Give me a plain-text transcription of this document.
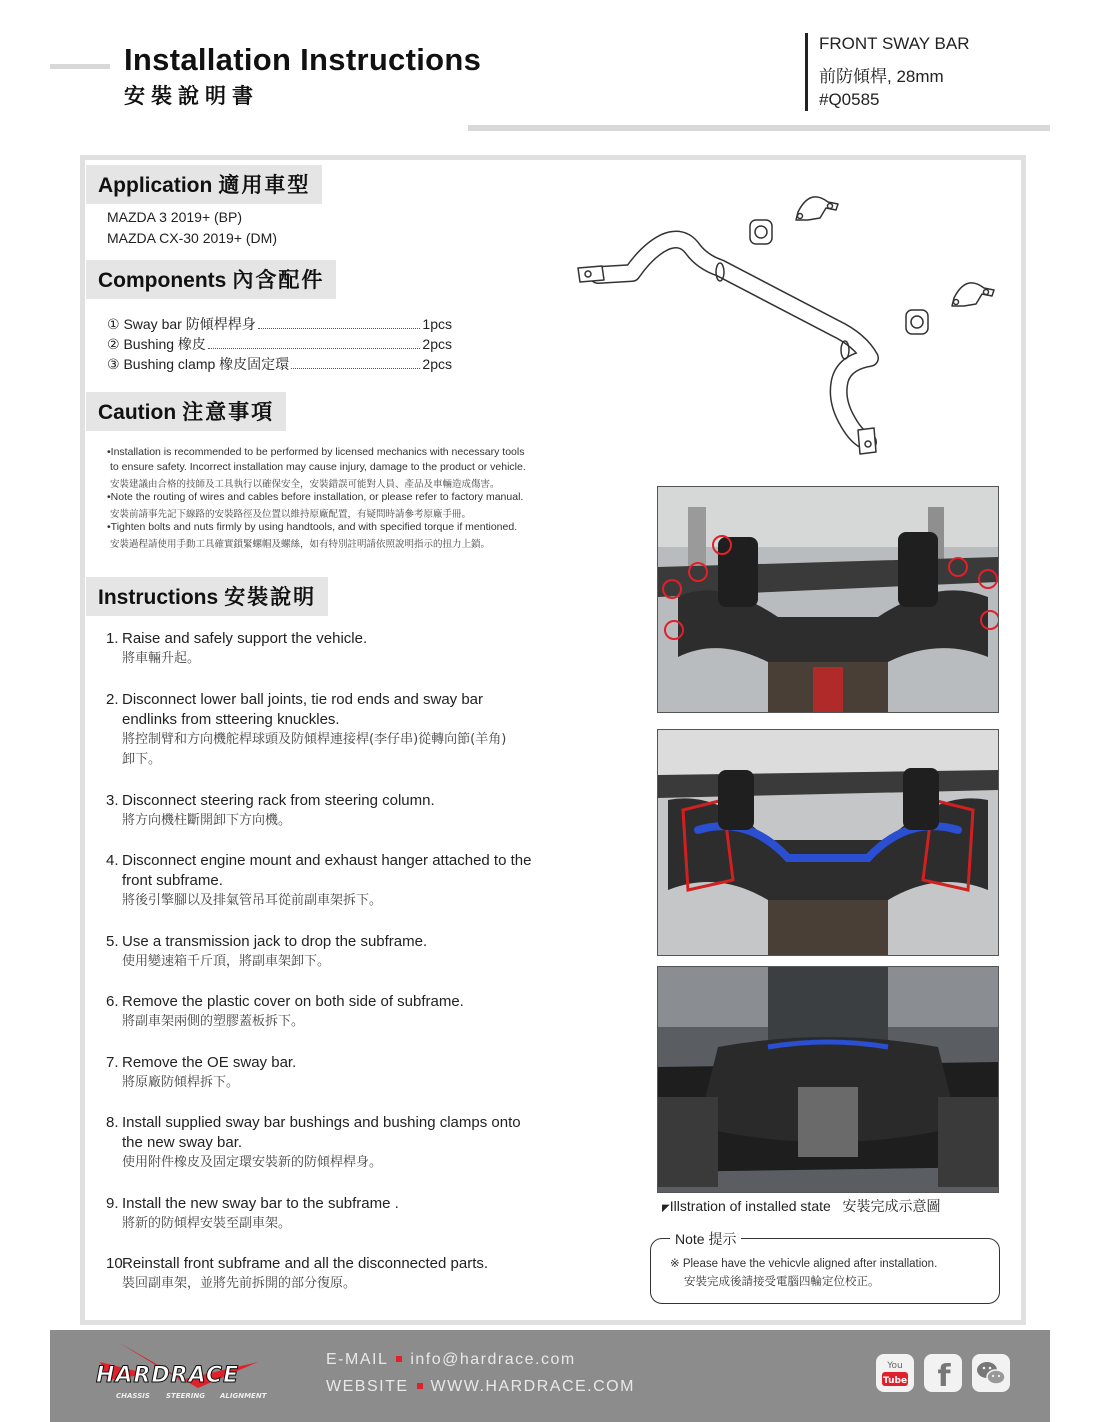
Installation Instructions
安裝說明書
FRONT SWAY BAR
前防傾桿, 28mm
#Q0585
Application 適用車型
MAZDA 3 2019+ (BP)
MAZDA CX-30 2019+ (DM)
Components 內含配件
① Sway bar 防傾桿桿身	1pcs
② Bushing 橡皮	2pcs
③ Bushing clamp 橡皮固定環	2pcs
Caution 注意事項
•Installation is recommended to be performed by licensed mechanics with necessary tools
to ensure safety. Incorrect installation may cause injury, damage to the product or vehicle.
安裝建議由合格的技師及工具執行以確保安全，安裝錯誤可能對人員、產品及車輛造成傷害。
•Note the routing of wires and cables before installation, or please refer to factory manual.
安裝前請事先記下線路的安裝路徑及位置以維持原廠配置，有疑問時請參考原廠手冊。
•Tighten bolts and nuts firmly by using handtools, and with specified torque if mentioned.
安裝過程請使用手動工具確實鎖緊螺帽及螺絲，如有特別註明請依照說明指示的扭力上鎖。
Instructions 安裝說明
1. Raise and safely support the vehicle.
將車輛升起。
2. Disconnect lower ball joints, tie rod ends and sway bar
endlinks from stteering knuckles.
將控制臂和方向機舵桿球頭及防傾桿連接桿(李仔串)從轉向節(羊角)
卸下。
3. Disconnect steering rack from steering column.
將方向機柱斷開卸下方向機。
4. Disconnect engine mount and exhaust hanger attached to the
front subframe.
將後引擎腳以及排氣管吊耳從前副車架拆下。
5. Use a transmission jack to drop the subframe.
使用變速箱千斤頂，將副車架卸下。
6. Remove the plastic cover on both side of subframe.
將副車架兩側的塑膠蓋板拆下。
7. Remove the OE sway bar.
將原廠防傾桿拆下。
8. Install supplied sway bar bushings and bushing clamps onto
the new sway bar.
使用附件橡皮及固定環安裝新的防傾桿桿身。
9. Install the new sway bar to the subframe .
將新的防傾桿安裝至副車架。
10.Reinstall front subframe and all the disconnected parts.
裝回副車架，並將先前拆開的部分復原。
◤Illstration of installed state 安裝完成示意圖
Note 提示
※ Please have the vehicvle aligned after installation.
安裝完成後請接受電腦四輪定位校正。
HARDRACE
CHASSIS STEERING ALIGNMENT
E-MAIL info@hardrace.com
WEBSITE WWW.HARDRACE.COM
You
Tube f
